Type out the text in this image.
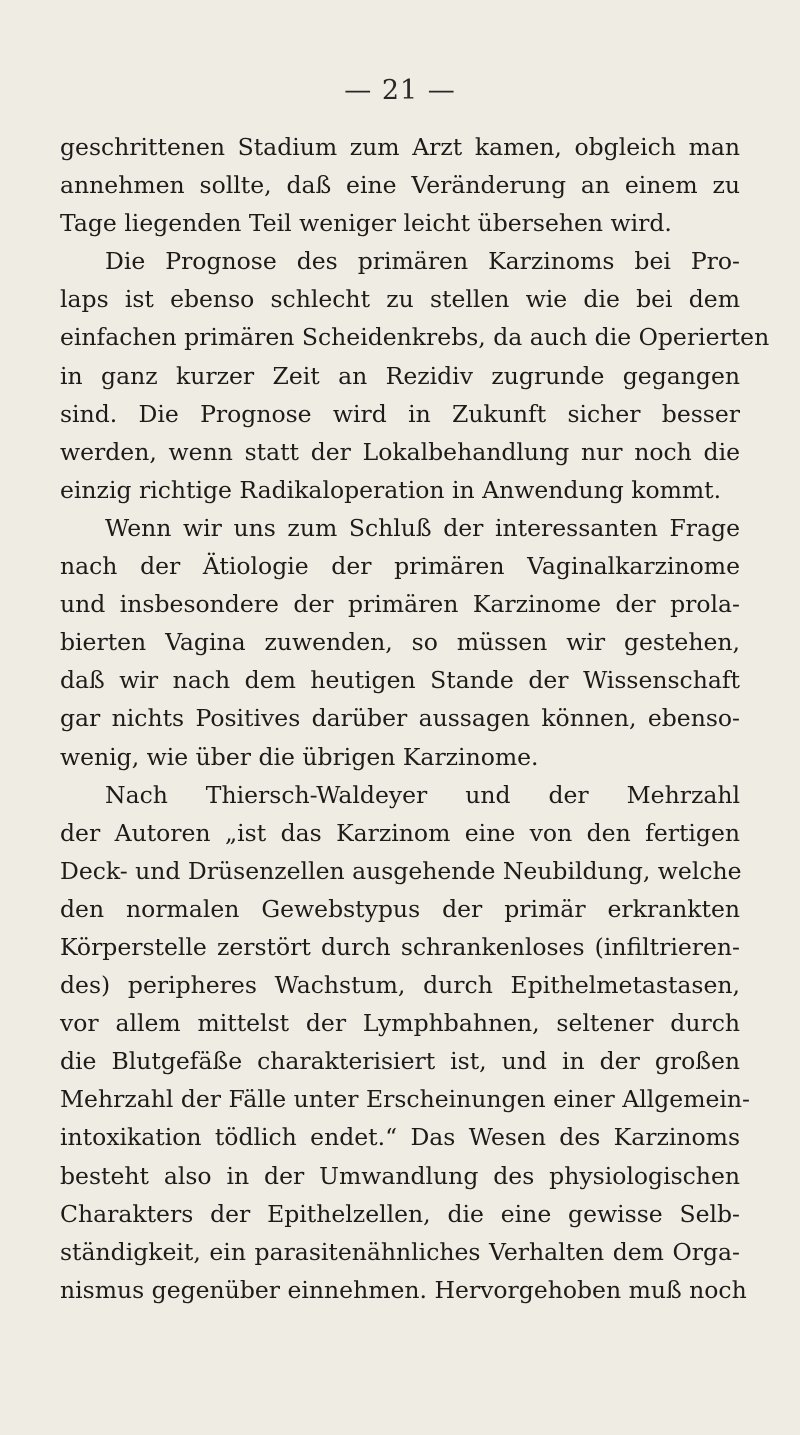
— 21 —
geschrittenen Stadium zum Arzt kamen, obgleich man
annehmen sollte, daß eine Veränderung an einem zu
Tage liegenden Teil weniger leicht übersehen wird.
Die Prognose des primären Karzinoms bei Pro-
laps ist ebenso schlecht zu stellen wie die bei dem
einfachen primären Scheidenkrebs, da auch die Operierten
in ganz kurzer Zeit an Rezidiv zugrunde gegangen
sind. Die Prognose wird in Zukunft sicher besser
werden, wenn statt der Lokalbehandlung nur noch die
einzig richtige Radikaloperation in Anwendung kommt.
Wenn wir uns zum Schluß der interessanten Frage
nach der Ätiologie der primären Vaginalkarzinome
und insbesondere der primären Karzinome der prola-
bierten Vagina zuwenden, so müssen wir gestehen,
daß wir nach dem heutigen Stande der Wissenschaft
gar nichts Positives darüber aussagen können, ebenso-
wenig, wie über die übrigen Karzinome.
Nach Thiersch-Waldeyer und der Mehrzahl
der Autoren „ist das Karzinom eine von den fertigen
Deck- und Drüsenzellen ausgehende Neubildung, welche
den normalen Gewebstypus der primär erkrankten
Körperstelle zerstört durch schrankenloses (infiltrieren-
des) peripheres Wachstum, durch Epithelmetastasen,
vor allem mittelst der Lymphbahnen, seltener durch
die Blutgefäße charakterisiert ist, und in der großen
Mehrzahl der Fälle unter Erscheinungen einer Allgemein-
intoxikation tödlich endet.“ Das Wesen des Karzinoms
besteht also in der Umwandlung des physiologischen
Charakters der Epithelzellen, die eine gewisse Selb-
ständigkeit, ein parasitenähnliches Verhalten dem Orga-
nismus gegenüber einnehmen. Hervorgehoben muß noch
